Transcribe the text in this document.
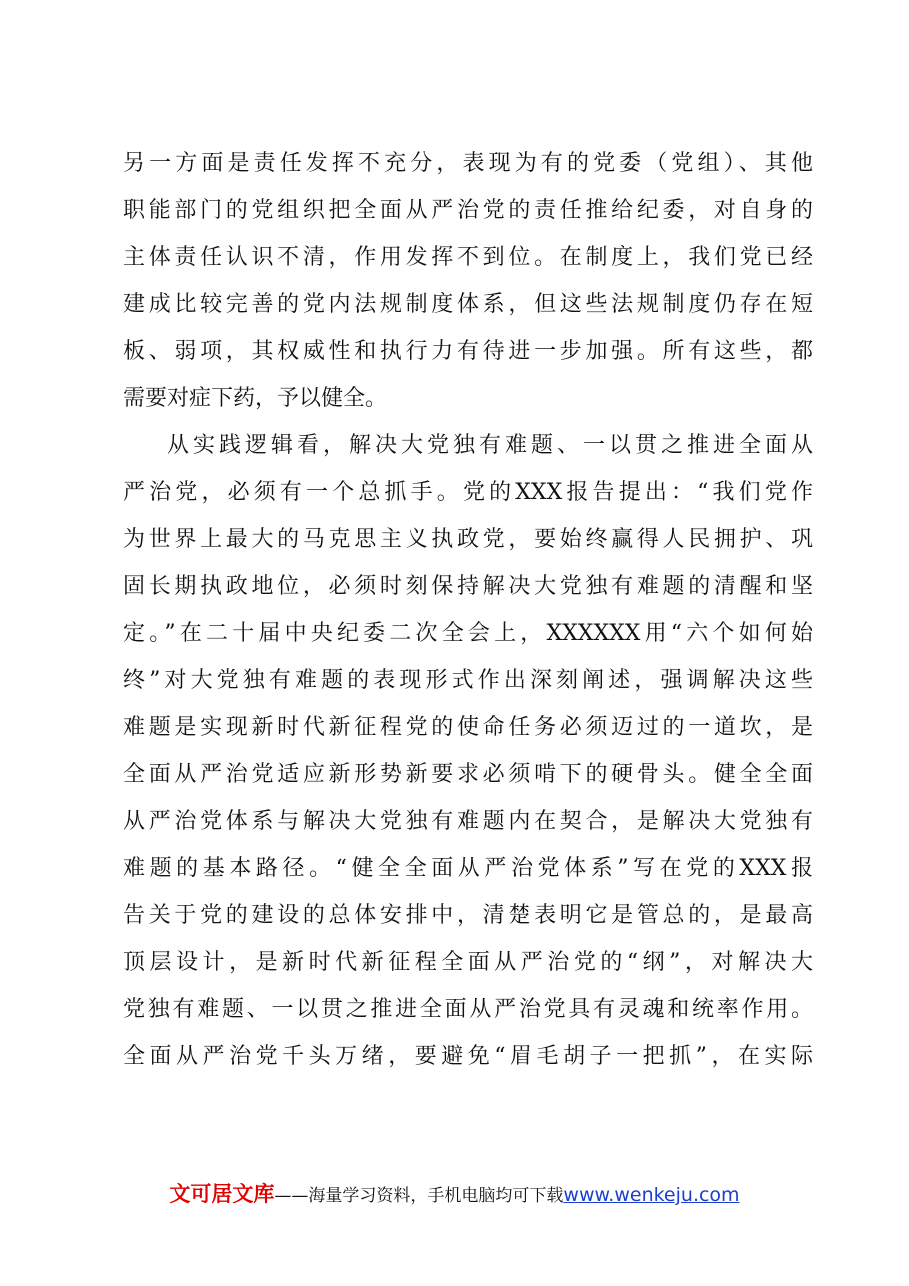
另一方面是责任发挥不充分，表现为有的党委（党组）、其他
职能部门的党组织把全面从严治党的责任推给纪委，对自身的
主体责任认识不清，作用发挥不到位。在制度上，我们党已经
建成比较完善的党内法规制度体系，但这些法规制度仍存在短
板、弱项，其权威性和执行力有待进一步加强。所有这些，都
需要对症下药，予以健全。
从实践逻辑看，解决大党独有难题、一以贯之推进全面从
严治党，必须有一个总抓手。党的XXX报告提出：“我们党作
为世界上最大的马克思主义执政党，要始终赢得人民拥护、巩
固长期执政地位，必须时刻保持解决大党独有难题的清醒和坚
定。”在二十届中央纪委二次全会上，XXXXXX用“六个如何始
终”对大党独有难题的表现形式作出深刻阐述，强调解决这些
难题是实现新时代新征程党的使命任务必须迈过的一道坎，是
全面从严治党适应新形势新要求必须啃下的硬骨头。健全全面
从严治党体系与解决大党独有难题内在契合，是解决大党独有
难题的基本路径。“健全全面从严治党体系”写在党的XXX报
告关于党的建设的总体安排中，清楚表明它是管总的，是最高
顶层设计，是新时代新征程全面从严治党的“纲”，对解决大
党独有难题、一以贯之推进全面从严治党具有灵魂和统率作用。
全面从严治党千头万绪，要避免“眉毛胡子一把抓”，在实际
文可居文库——海量学习资料，手机电脑均可下载www.wenkeju.com
